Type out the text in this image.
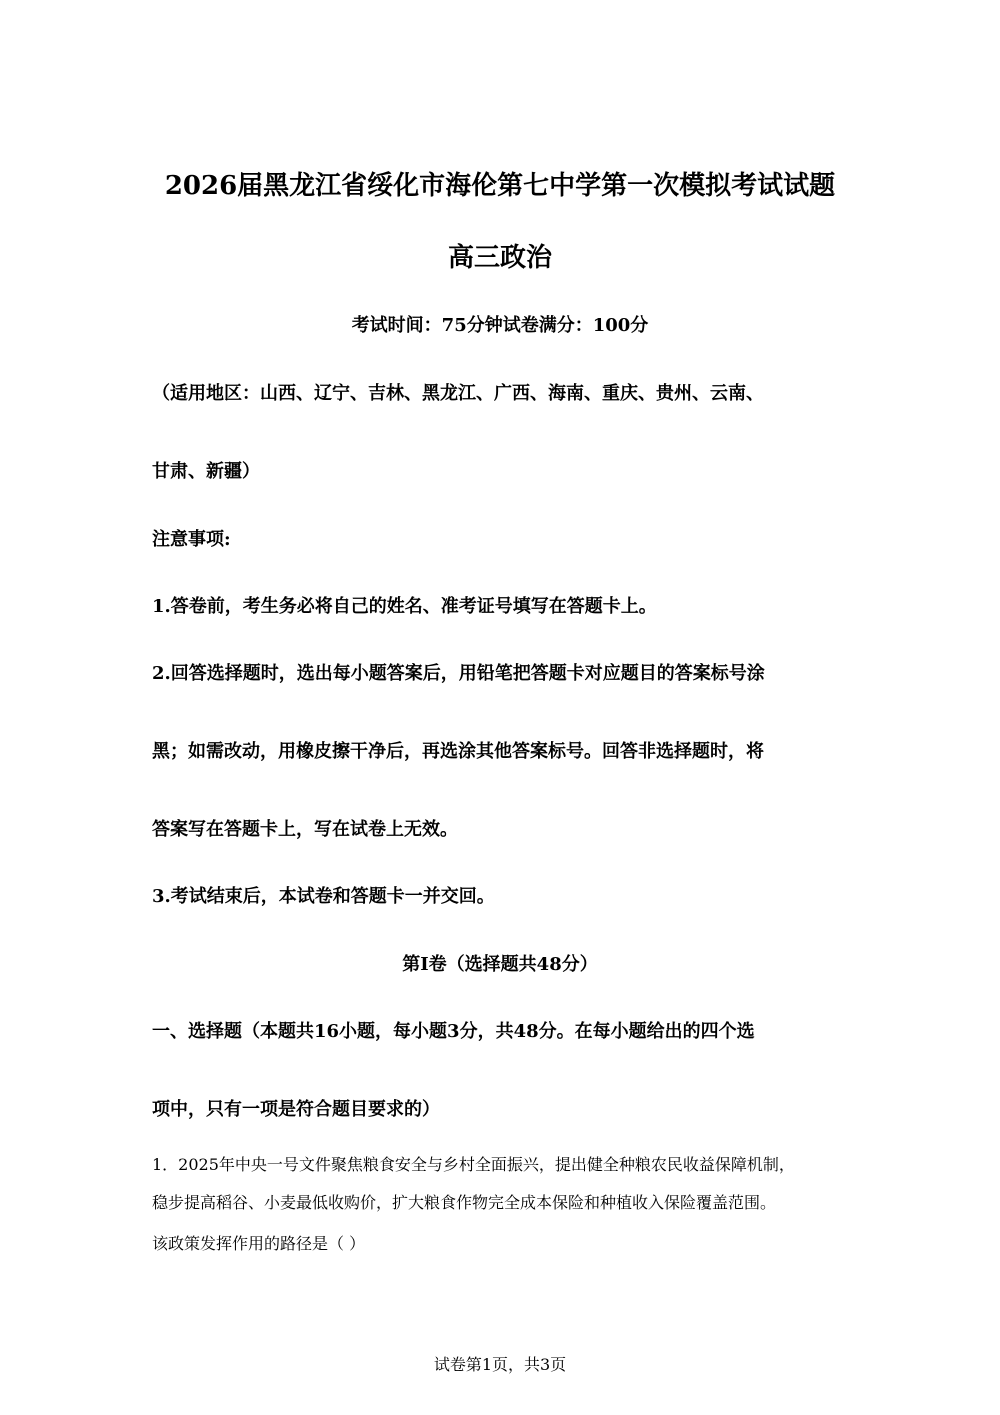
2026届黑龙江省绥化市海伦第七中学第一次模拟考试试题
高三政治
考试时间：75分钟试卷满分：100分
（适用地区：山西、辽宁、吉林、黑龙江、广西、海南、重庆、贵州、云南、
甘肃、新疆）
注意事项:
1.答卷前，考生务必将自己的姓名、准考证号填写在答题卡上。
2.回答选择题时，选出每小题答案后，用铅笔把答题卡对应题目的答案标号涂
黑；如需改动，用橡皮擦干净后，再选涂其他答案标号。回答非选择题时，将
答案写在答题卡上，写在试卷上无效。
3.考试结束后，本试卷和答题卡一并交回。
第Ⅰ卷（选择题共48分）
一、选择题（本题共16小题，每小题3分，共48分。在每小题给出的四个选
项中，只有一项是符合题目要求的）
1．2025年中央一号文件聚焦粮食安全与乡村全面振兴，提出健全种粮农民收益保障机制，
稳步提高稻谷、小麦最低收购价，扩大粮食作物完全成本保险和种植收入保险覆盖范围。
该政策发挥作用的路径是（ ）
试卷第1页，共3页
